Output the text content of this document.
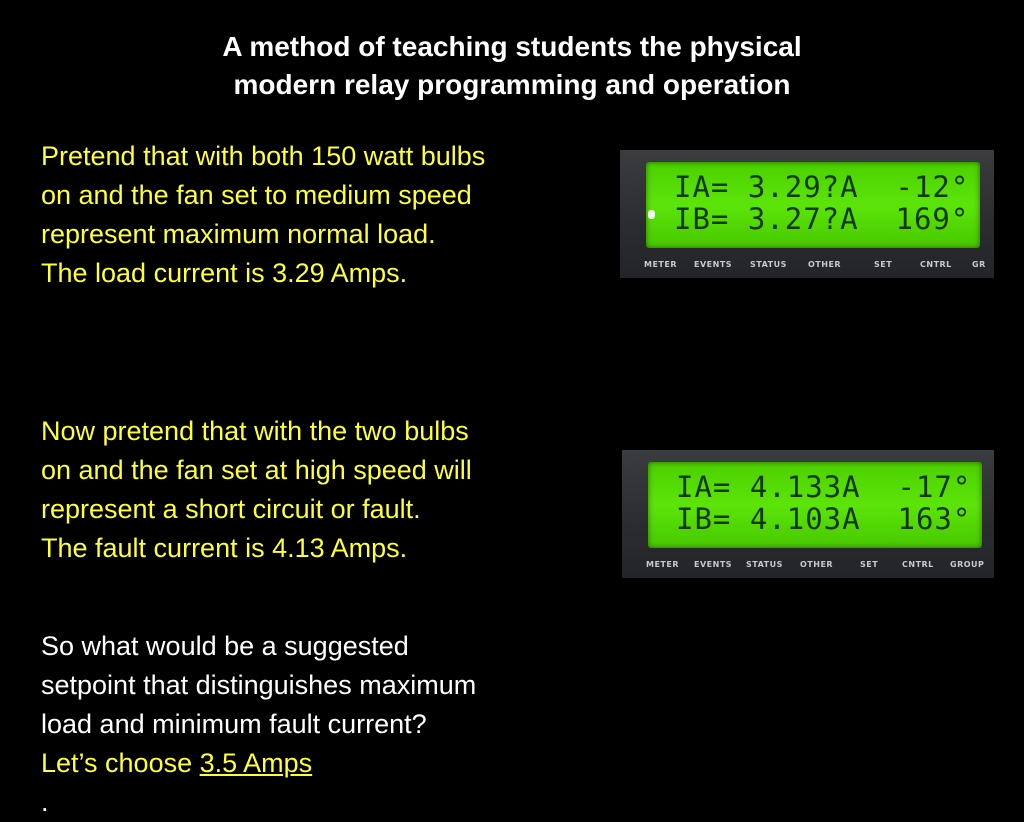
A method of teaching students the physical
modern relay programming and operation
Pretend that with both 150 watt bulbs
on and the fan set to medium speed
represent maximum normal load.
The load current is 3.29 Amps.
IA= 3.29?A  -12°
IB= 3.27?A  169°
METER EVENTS STATUS	OTHER	SET	CNTRL	GR
Now pretend that with the two bulbs
on and the fan set at high speed will
represent a short circuit or fault.
The fault current is 4.13 Amps.
IA= 4.133A  -17°
IB= 4.103A  163°
METER EVENTS STATUS OTHER	SET	CNTRL GROUP
So what would be a suggested
setpoint that distinguishes maximum
load and minimum fault current?
Let’s choose 3.5 Amps
.
